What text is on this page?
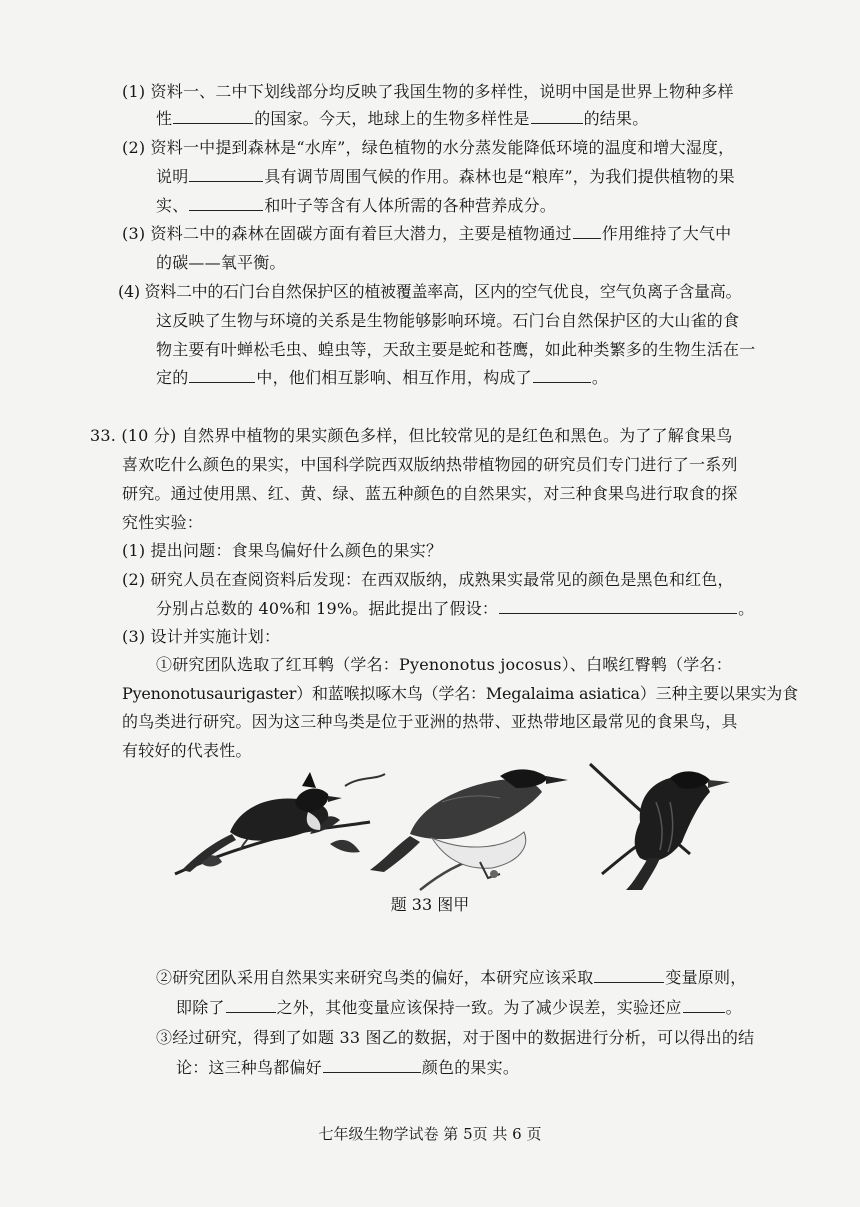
(1) 资料一、二中下划线部分均反映了我国生物的多样性，说明中国是世界上物种多样
性	的国家。今天，地球上的生物多样性是	的结果。
(2) 资料一中提到森林是“水库”，绿色植物的水分蒸发能降低环境的温度和增大湿度，
说明	具有调节周围气候的作用。森林也是“粮库”，为我们提供植物的果
实、	和叶子等含有人体所需的各种营养成分。
(3) 资料二中的森林在固碳方面有着巨大潜力，主要是植物通过 作用维持了大气中
的碳——氧平衡。
(4) 资料二中的石门台自然保护区的植被覆盖率高，区内的空气优良，空气负离子含量高。
这反映了生物与环境的关系是生物能够影响环境。石门台自然保护区的大山雀的食
物主要有叶蝉松毛虫、蝗虫等，天敌主要是蛇和苍鹰，如此种类繁多的生物生活在一
定的	中，他们相互影响、相互作用，构成了	。
33. (10 分) 自然界中植物的果实颜色多样，但比较常见的是红色和黑色。为了了解食果鸟
喜欢吃什么颜色的果实，中国科学院西双版纳热带植物园的研究员们专门进行了一系列
研究。通过使用黑、红、黄、绿、蓝五种颜色的自然果实，对三种食果鸟进行取食的探
究性实验：
(1) 提出问题：食果鸟偏好什么颜色的果实？
(2) 研究人员在查阅资料后发现：在西双版纳，成熟果实最常见的颜色是黑色和红色，
分别占总数的 40%和 19%。据此提出了假设：	。
(3) 设计并实施计划：
①研究团队选取了红耳鹎（学名：Pyenonotus jocosus）、白喉红臀鹎（学名：
Pyenonotusaurigaster）和蓝喉拟啄木鸟（学名：Megalaima asiatica）三种主要以果实为食
的鸟类进行研究。因为这三种鸟类是位于亚洲的热带、亚热带地区最常见的食果鸟，具
有较好的代表性。
题 33 图甲
②研究团队采用自然果实来研究鸟类的偏好，本研究应该采取	变量原则，
即除了	之外，其他变量应该保持一致。为了减少误差，实验还应	。
③经过研究，得到了如题 33 图乙的数据，对于图中的数据进行分析，可以得出的结
论：这三种鸟都偏好	颜色的果实。
七年级生物学试卷 第 5页 共 6 页
